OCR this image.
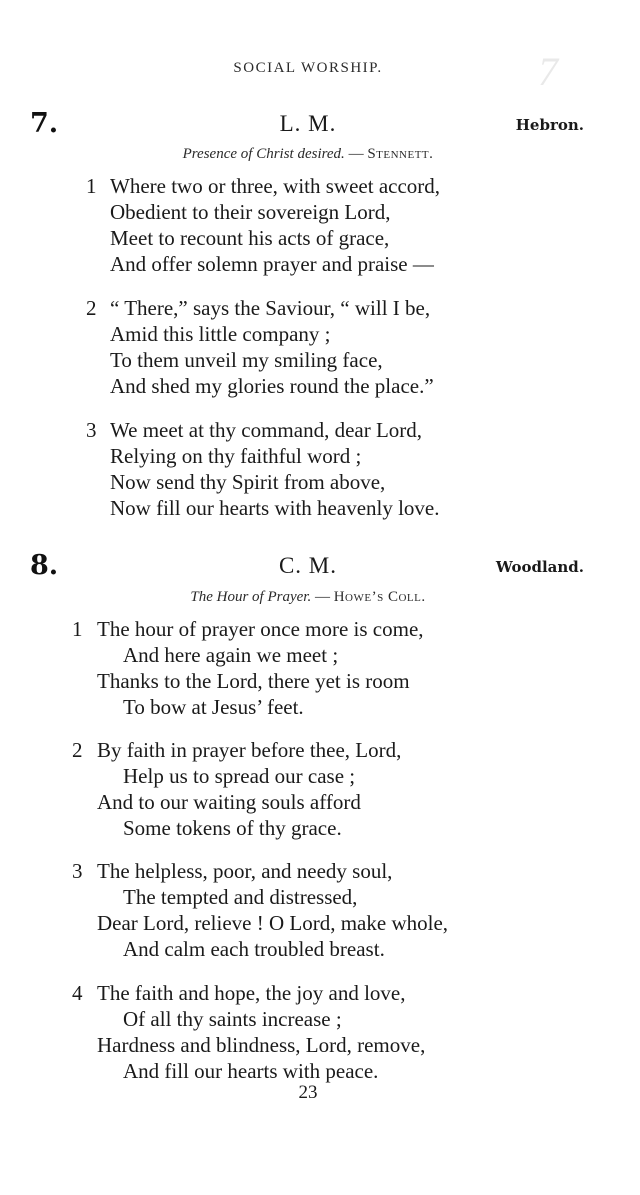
7
SOCIAL WORSHIP.
7.	L. M.	Hebron.
Presence of Christ desired. — Stennett.
1 Where two or three, with sweet accord,
Obedient to their sovereign Lord,
Meet to recount his acts of grace,
And offer solemn prayer and praise —
2 “ There,” says the Saviour, “ will I be,
Amid this little company ;
To them unveil my smiling face,
And shed my glories round the place.”
3 We meet at thy command, dear Lord,
Relying on thy faithful word ;
Now send thy Spirit from above,
Now fill our hearts with heavenly love.
8.	C. M.	Woodland.
The Hour of Prayer. — Howe’s Coll.
1 The hour of prayer once more is come,
And here again we meet ;
Thanks to the Lord, there yet is room
To bow at Jesus’ feet.
2 By faith in prayer before thee, Lord,
Help us to spread our case ;
And to our waiting souls afford
Some tokens of thy grace.
3 The helpless, poor, and needy soul,
The tempted and distressed,
Dear Lord, relieve ! O Lord, make whole,
And calm each troubled breast.
4 The faith and hope, the joy and love,
Of all thy saints increase ;
Hardness and blindness, Lord, remove,
And fill our hearts with peace.
23
